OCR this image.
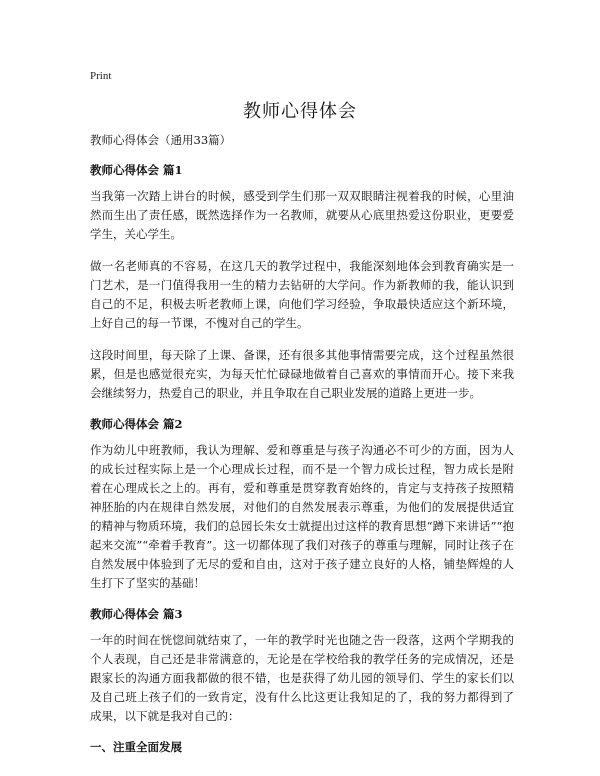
Print
教师心得体会

教师心得体会（通用33篇）

教师心得体会 篇1

当我第一次踏上讲台的时候，感受到学生们那一双双眼睛注视着我的时候，心里油然而生出了责任感，既然选择作为一名教师，就要从心底里热爱这份职业，更要爱学生，关心学生。

做一名老师真的不容易，在这几天的教学过程中，我能深刻地体会到教育确实是一门艺术，是一门值得我用一生的精力去钻研的大学问。作为新教师的我，能认识到自己的不足，积极去听老教师上课，向他们学习经验，争取最快适应这个新环境，上好自己的每一节课，不愧对自己的学生。

这段时间里，每天除了上课、备课，还有很多其他事情需要完成，这个过程虽然很累，但是也感觉很充实，为每天忙忙碌碌地做着自己喜欢的事情而开心。接下来我会继续努力，热爱自己的职业，并且争取在自己职业发展的道路上更进一步。

教师心得体会 篇2

作为幼儿中班教师，我认为理解、爱和尊重是与孩子沟通必不可少的方面，因为人的成长过程实际上是一个心理成长过程，而不是一个智力成长过程，智力成长是附着在心理成长之上的。再有，爱和尊重是贯穿教育始终的，肯定与支持孩子按照精神胚胎的内在规律自然发展，对他们的自然发展表示尊重，为他们的发展提供适宜的精神与物质环境，我们的总园长朱女士就提出过这样的教育思想“蹲下来讲话”“抱起来交流”“牵着手教育”。这一切都体现了我们对孩子的尊重与理解，同时让孩子在自然发展中体验到了无尽的爱和自由，这对于孩子建立良好的人格，铺垫辉煌的人生打下了坚实的基础！

教师心得体会 篇3

一年的时间在恍惚间就结束了，一年的教学时光也随之告一段落，这两个学期我的个人表现，自己还是非常满意的，无论是在学校给我的教学任务的完成情况，还是跟家长的沟通方面我都做的很不错，也是获得了幼儿园的领导们、学生的家长们以及自己班上孩子们的一致肯定，没有什么比这更让我知足的了，我的努力都得到了成果，以下就是我对自己的：

一、注重全面发展
